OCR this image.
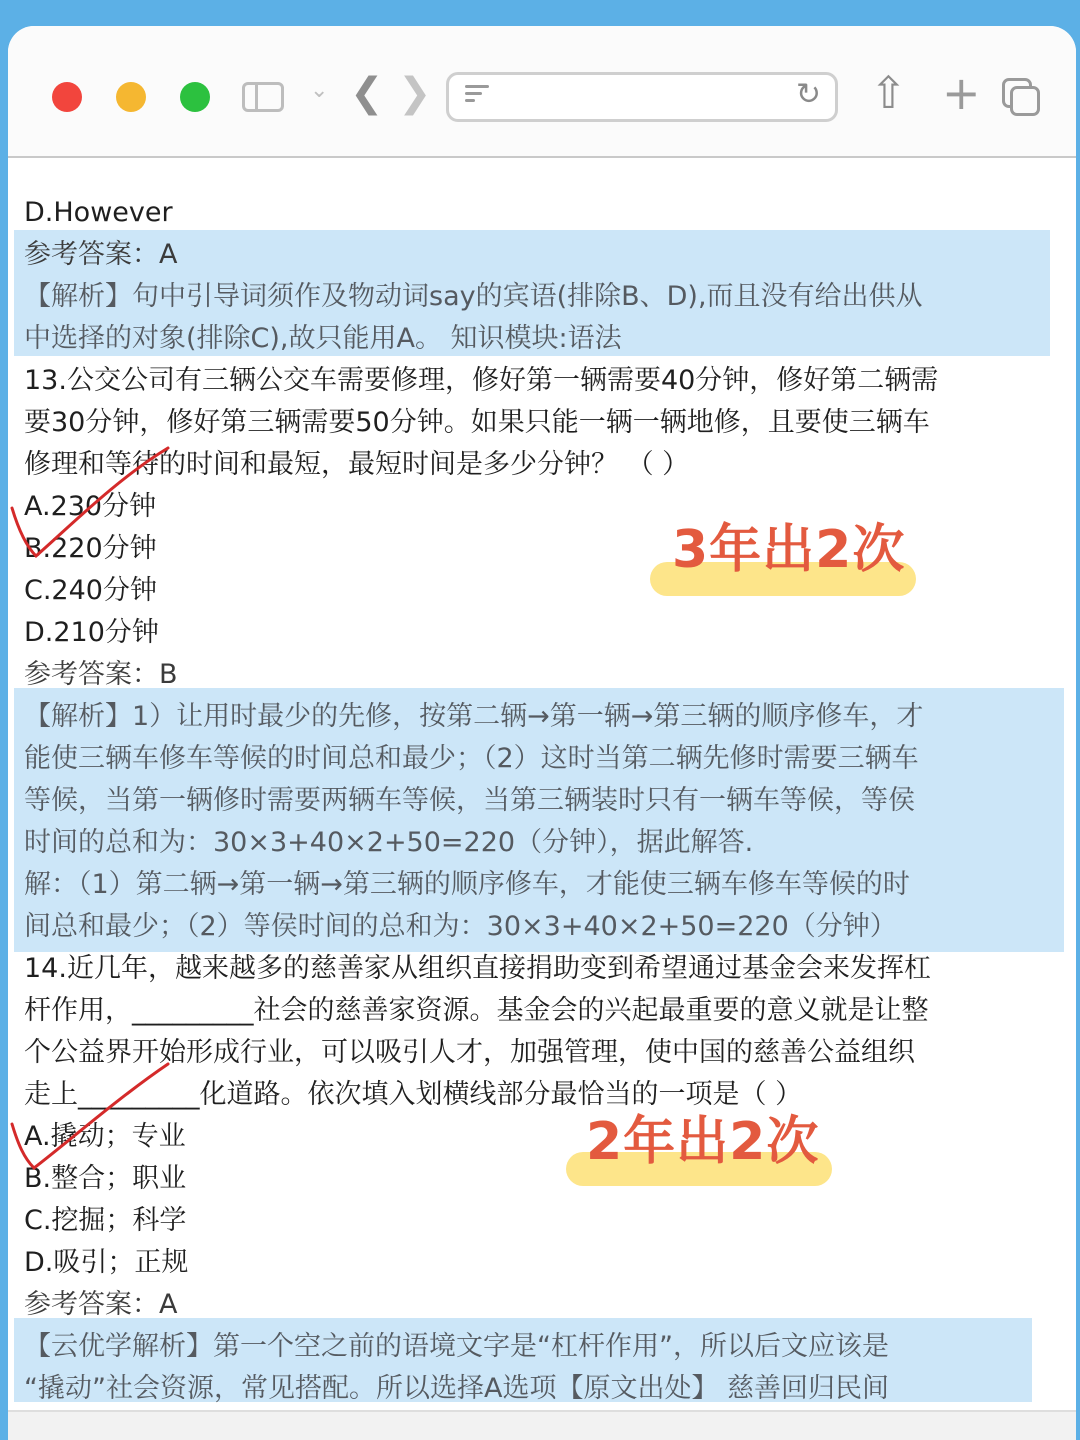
⌄ ❮ ❯	↻ ⇧ +
D.However
参考答案：A
【解析】句中引导词须作及物动词say的宾语(排除B、D),而且没有给出供从
中选择的对象(排除C),故只能用A。 知识模块:语法
13.公交公司有三辆公交车需要修理，修好第一辆需要40分钟，修好第二辆需
要30分钟，修好第三辆需要50分钟。如果只能一辆一辆地修，且要使三辆车
修理和等待的时间和最短，最短时间是多少分钟？ （ ）
A.230分钟
B.220分钟
C.240分钟
D.210分钟
参考答案：B
【解析】1）让用时最少的先修，按第二辆→第一辆→第三辆的顺序修车，才
能使三辆车修车等候的时间总和最少；（2）这时当第二辆先修时需要三辆车
等候，当第一辆修时需要两辆车等候，当第三辆装时只有一辆车等候，等侯
时间的总和为：30×3+40×2+50=220（分钟），据此解答.
解：（1）第二辆→第一辆→第三辆的顺序修车，才能使三辆车修车等候的时
间总和最少；（2）等侯时间的总和为：30×3+40×2+50=220（分钟）
3年出2次
14.近几年，越来越多的慈善家从组织直接捐助变到希望通过基金会来发挥杠
杆作用，_________社会的慈善家资源。基金会的兴起最重要的意义就是让整
个公益界开始形成行业，可以吸引人才，加强管理，使中国的慈善公益组织
走上_________化道路。依次填入划横线部分最恰当的一项是（ ）
A.撬动；专业
B.整合；职业
C.挖掘；科学
D.吸引；正规
参考答案：A
【云优学解析】第一个空之前的语境文字是“杠杆作用”，所以后文应该是
“撬动”社会资源，常见搭配。所以选择A选项【原文出处】 慈善回归民间
2年出2次
